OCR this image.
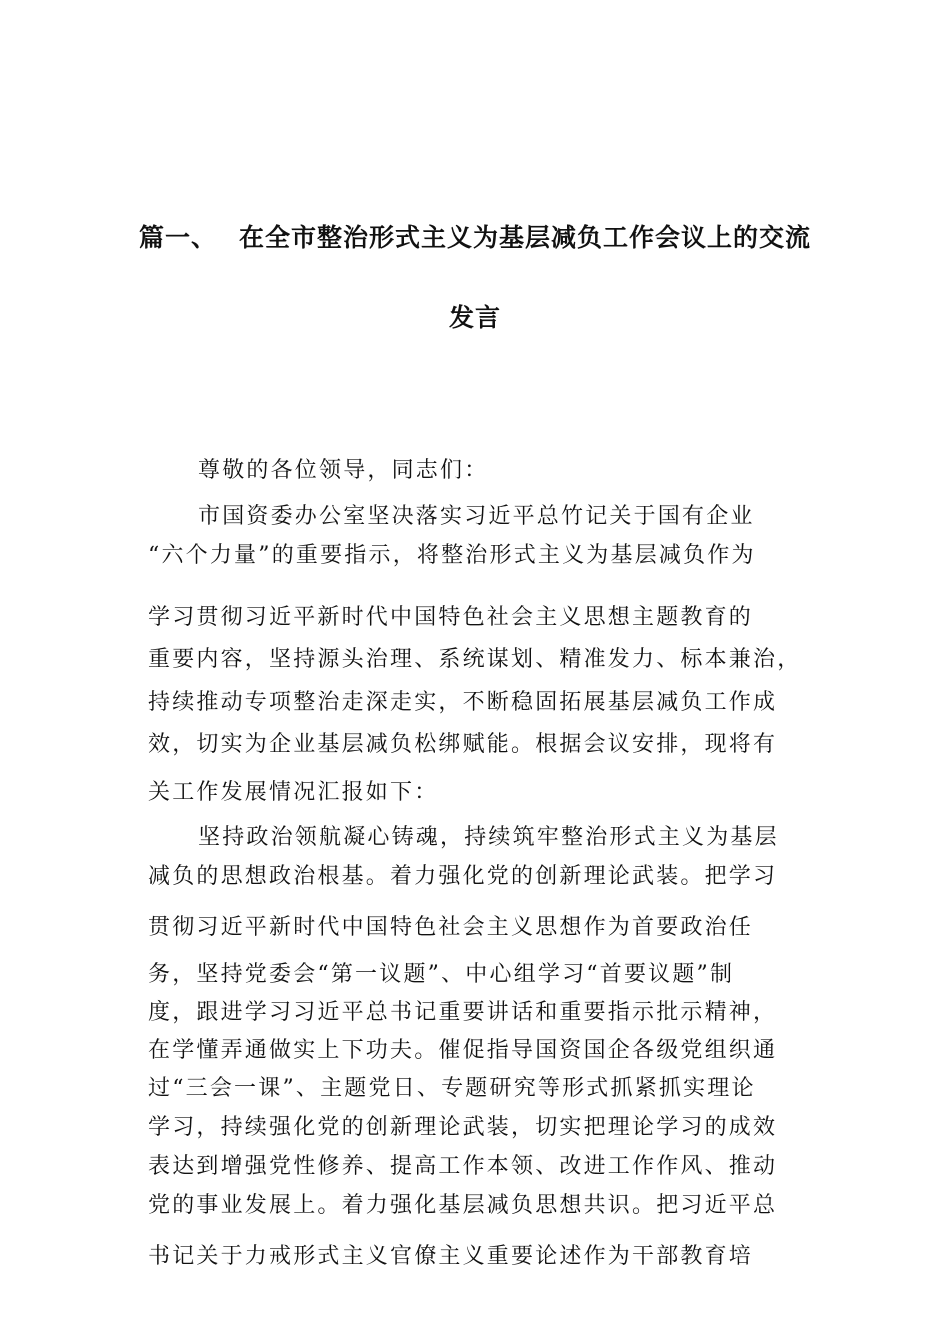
篇一、 在全市整治形式主义为基层减负工作会议上的交流
发言

尊敬的各位领导，同志们：

市国资委办公室坚决落实习近平总竹记关于国有企业

“六个力量”的重要指示，将整治形式主义为基层减负作为

学习贯彻习近平新时代中国特色社会主义思想主题教育的

重要内容，坚持源头治理、系统谋划、精准发力、标本兼治，

持续推动专项整治走深走实，不断稳固拓展基层减负工作成

效，切实为企业基层减负松绑赋能。根据会议安排，现将有

关工作发展情况汇报如下：

坚持政治领航凝心铸魂，持续筑牢整治形式主义为基层

减负的思想政治根基。着力强化党的创新理论武装。把学习

贯彻习近平新时代中国特色社会主义思想作为首要政治任

务，坚持党委会“第一议题”、中心组学习“首要议题”制

度，跟进学习习近平总书记重要讲话和重要指示批示精神，

在学懂弄通做实上下功夫。催促指导国资国企各级党组织通

过“三会一课”、主题党日、专题研究等形式抓紧抓实理论

学习，持续强化党的创新理论武装，切实把理论学习的成效

表达到增强党性修养、提高工作本领、改进工作作风、推动

党的事业发展上。着力强化基层减负思想共识。把习近平总

书记关于力戒形式主义官僚主义重要论述作为干部教育培
